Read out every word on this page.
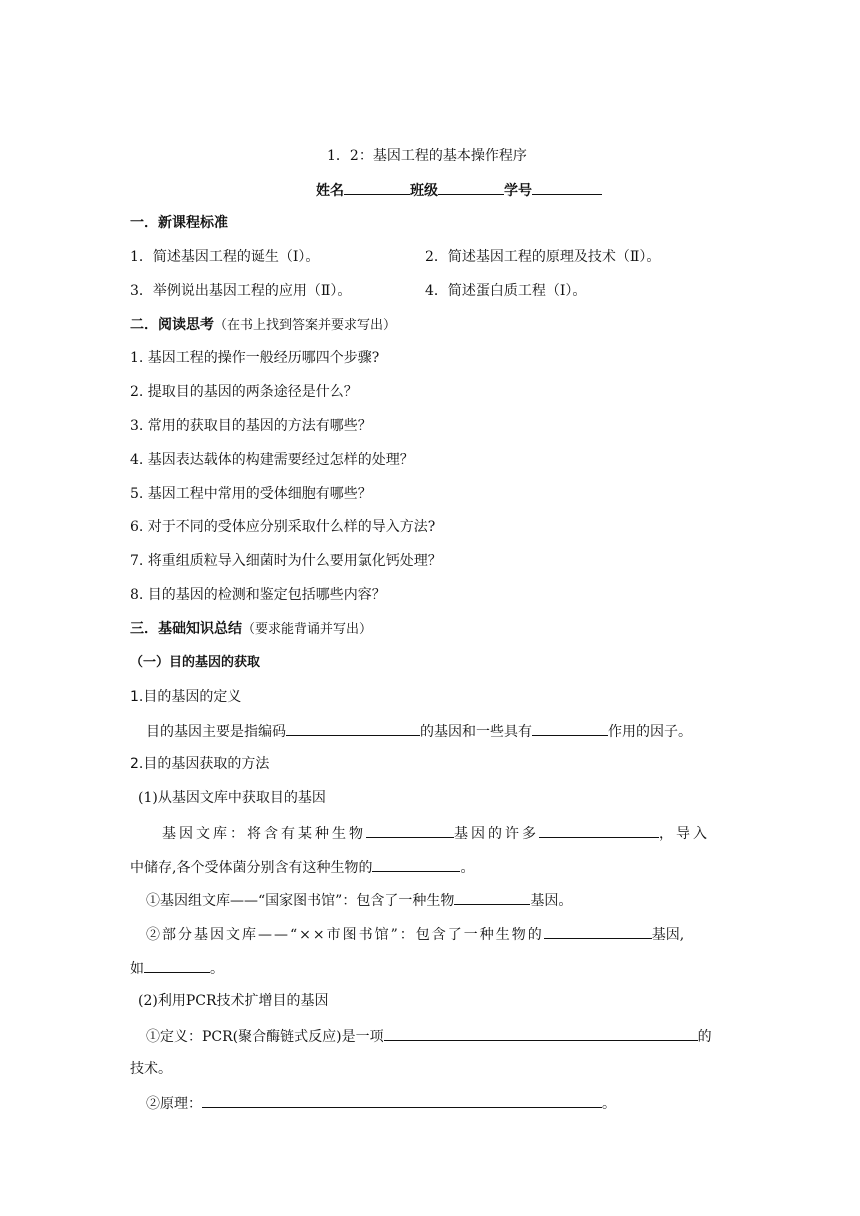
1．2：基因工程的基本操作程序
姓名	班级	学号
一．新课程标准
1．简述基因工程的诞生（Ⅰ）。	2．简述基因工程的原理及技术（Ⅱ）。
3．举例说出基因工程的应用（Ⅱ）。	4．简述蛋白质工程（Ⅰ）。
二．阅读思考（在书上找到答案并要求写出）
1. 基因工程的操作一般经历哪四个步骤?
2. 提取目的基因的两条途径是什么？
3. 常用的获取目的基因的方法有哪些？
4. 基因表达载体的构建需要经过怎样的处理？
5. 基因工程中常用的受体细胞有哪些？
6. 对于不同的受体应分别采取什么样的导入方法?
7. 将重组质粒导入细菌时为什么要用氯化钙处理？
8. 目的基因的检测和鉴定包括哪些内容？
三．基础知识总结（要求能背诵并写出）
（一）目的基因的获取
1.目的基因的定义
目的基因主要是指编码	的基因和一些具有	作用的因子。
2.目的基因获取的方法
(1)从基因文库中获取目的基因
基因文库：将含有某种生物	基因的许多	，导入
中储存,各个受体菌分别含有这种生物的	。
①基因组文库——“国家图书馆”：包含了一种生物	基因。
②部分基因文库——“××市图书馆”：包含了一种生物的	基因,
如	。
(2)利用PCR技术扩增目的基因
①定义：PCR(聚合酶链式反应)是一项	的
技术。
②原理：	。
